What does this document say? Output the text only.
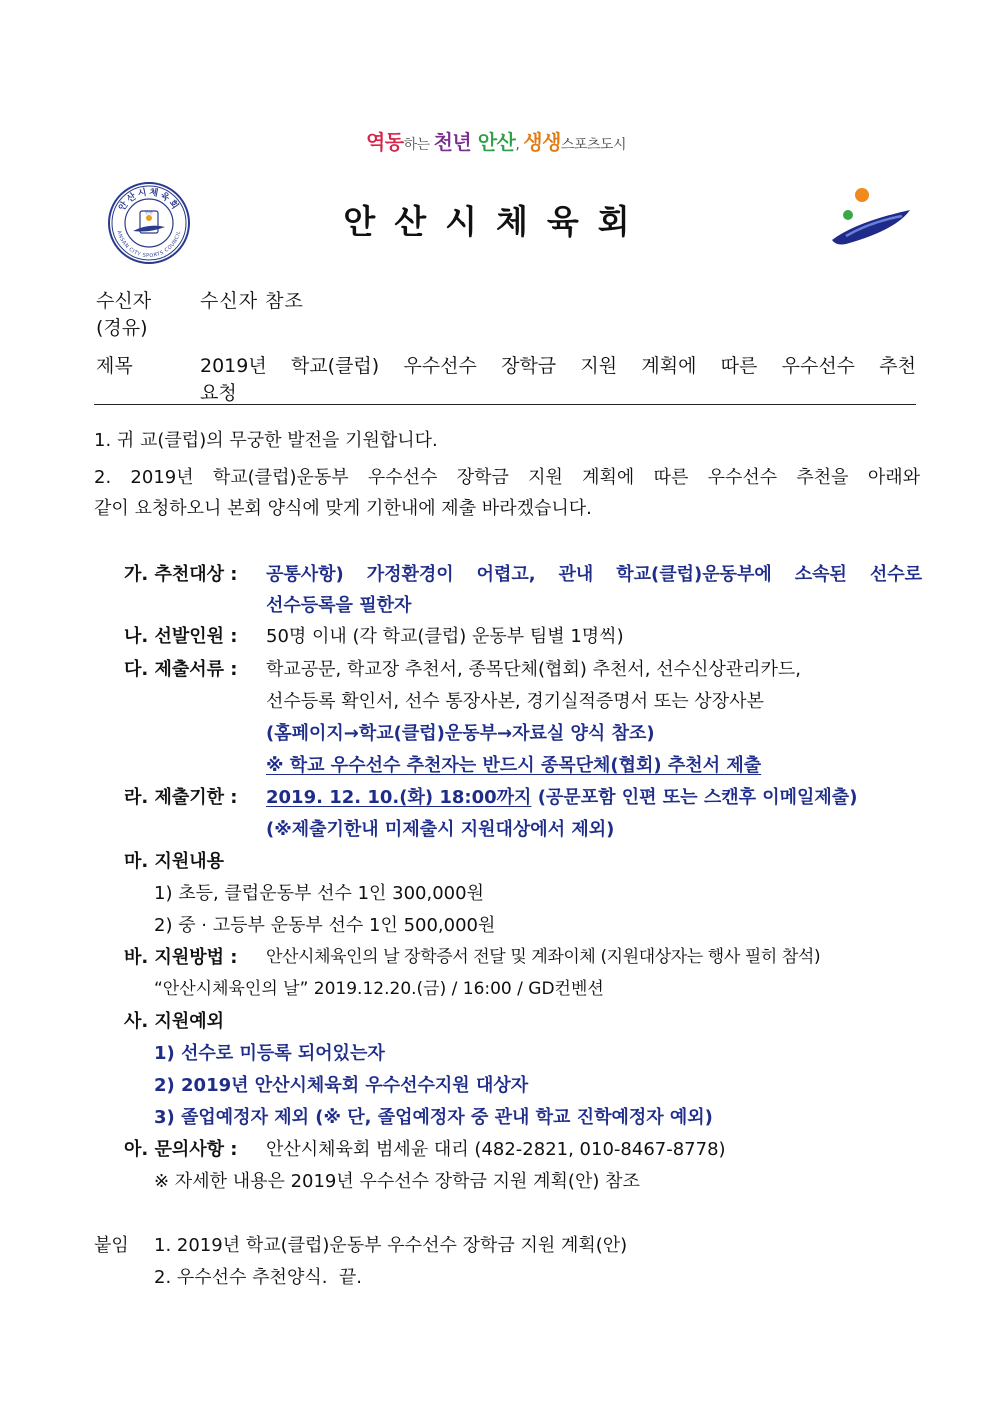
역동하는 천년 안산, 생생스포츠도시
안산시체육회
ANSAN CITY SPORTS COUNCIL
안산	안산시체육회
수신자
(경유)
수신자 참조
제목	2019년 학교(클럽) 우수선수 장학금 지원 계획에 따른 우수선수 추천
요청
1. 귀 교(클럽)의 무궁한 발전을 기원합니다.
2. 2019년 학교(클럽)운동부 우수선수 장학금 지원 계획에 따른 우수선수 추천을 아래와
같이 요청하오니 본회 양식에 맞게 기한내에 제출 바라겠습니다.
가. 추천대상 : 공통사항) 가정환경이 어렵고, 관내 학교(클럽)운동부에 소속된 선수로
선수등록을 필한자
나. 선발인원 : 50명 이내 (각 학교(클럽) 운동부 팀별 1명씩)
다. 제출서류 : 학교공문, 학교장 추천서, 종목단체(협회) 추천서, 선수신상관리카드,
선수등록 확인서, 선수 통장사본, 경기실적증명서 또는 상장사본
(홈페이지→학교(클럽)운동부→자료실 양식 참조)
※ 학교 우수선수 추천자는 반드시 종목단체(협회) 추천서 제출
라. 제출기한 : 2019. 12. 10.(화) 18:00까지 (공문포함 인편 또는 스캔후 이메일제출)
(※제출기한내 미제출시 지원대상에서 제외)
마. 지원내용
1) 초등, 클럽운동부 선수 1인 300,000원
2) 중 · 고등부 운동부 선수 1인 500,000원
바. 지원방법 : 안산시체육인의 날 장학증서 전달 및 계좌이체 (지원대상자는 행사 필히 참석)
“안산시체육인의 날” 2019.12.20.(금) / 16:00 / GD컨벤션
사. 지원예외
1) 선수로 미등록 되어있는자
2) 2019년 안산시체육회 우수선수지원 대상자
3) 졸업예정자 제외 (※ 단, 졸업예정자 중 관내 학교 진학예정자 예외)
아. 문의사항 : 안산시체육회 범세윤 대리 (482-2821, 010-8467-8778)
※ 자세한 내용은 2019년 우수선수 장학금 지원 계획(안) 참조
붙임 1. 2019년 학교(클럽)운동부 우수선수 장학금 지원 계획(안)
2. 우수선수 추천양식.  끝.
